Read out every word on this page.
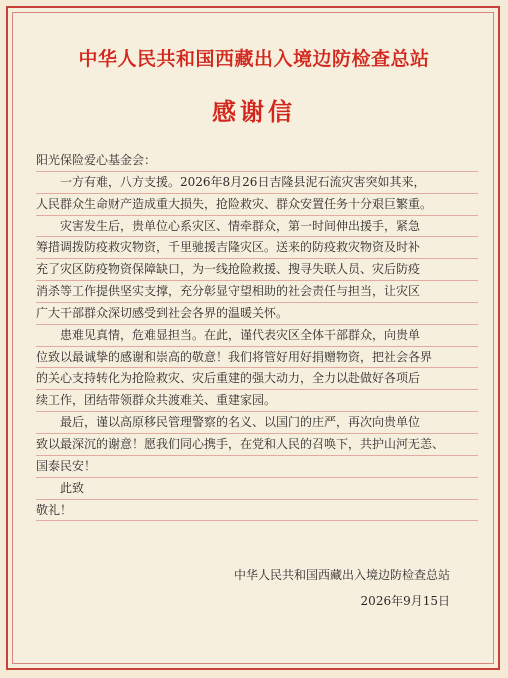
中华人民共和国西藏出入境边防检查总站
感谢信
阳光保险爱心基金会：
一方有难，八方支援。2026年8月26日吉隆县泥石流灾害突如其来，
人民群众生命财产造成重大损失，抢险救灾、群众安置任务十分艰巨繁重。
灾害发生后，贵单位心系灾区、情牵群众，第一时间伸出援手，紧急
筹措调拨防疫救灾物资，千里驰援吉隆灾区。送来的防疫救灾物资及时补
充了灾区防疫物资保障缺口，为一线抢险救援、搜寻失联人员、灾后防疫
消杀等工作提供坚实支撑，充分彰显守望相助的社会责任与担当，让灾区
广大干部群众深切感受到社会各界的温暖关怀。
患难见真情，危难显担当。在此，谨代表灾区全体干部群众，向贵单
位致以最诚挚的感谢和崇高的敬意！我们将管好用好捐赠物资，把社会各界
的关心支持转化为抢险救灾、灾后重建的强大动力，全力以赴做好各项后
续工作，团结带领群众共渡难关、重建家园。
最后，谨以高原移民管理警察的名义、以国门的庄严，再次向贵单位
致以最深沉的谢意！愿我们同心携手，在党和人民的召唤下，共护山河无恙、
国泰民安！
此致
敬礼！
中华人民共和国西藏出入境边防检查总站
2026年9月15日
